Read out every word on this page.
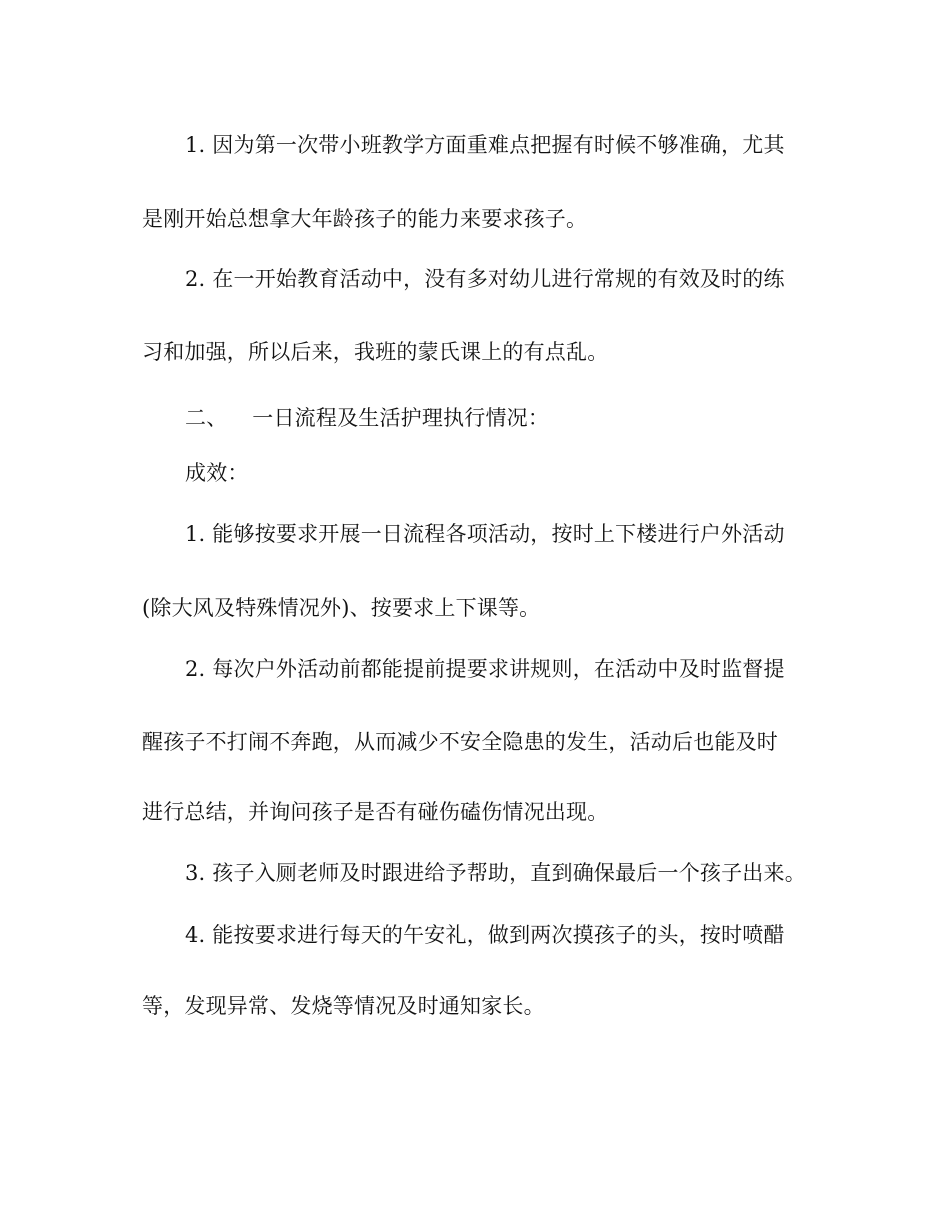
1. 因为第一次带小班教学方面重难点把握有时候不够准确，尤其
是刚开始总想拿大年龄孩子的能力来要求孩子。
2. 在一开始教育活动中，没有多对幼儿进行常规的有效及时的练
习和加强，所以后来，我班的蒙氏课上的有点乱。
二、 一日流程及生活护理执行情况：
成效：
1. 能够按要求开展一日流程各项活动，按时上下楼进行户外活动
(除大风及特殊情况外)、按要求上下课等。
2. 每次户外活动前都能提前提要求讲规则，在活动中及时监督提
醒孩子不打闹不奔跑，从而减少不安全隐患的发生，活动后也能及时
进行总结，并询问孩子是否有碰伤磕伤情况出现。
3. 孩子入厕老师及时跟进给予帮助，直到确保最后一个孩子出来。
4. 能按要求进行每天的午安礼，做到两次摸孩子的头，按时喷醋
等，发现异常、发烧等情况及时通知家长。
